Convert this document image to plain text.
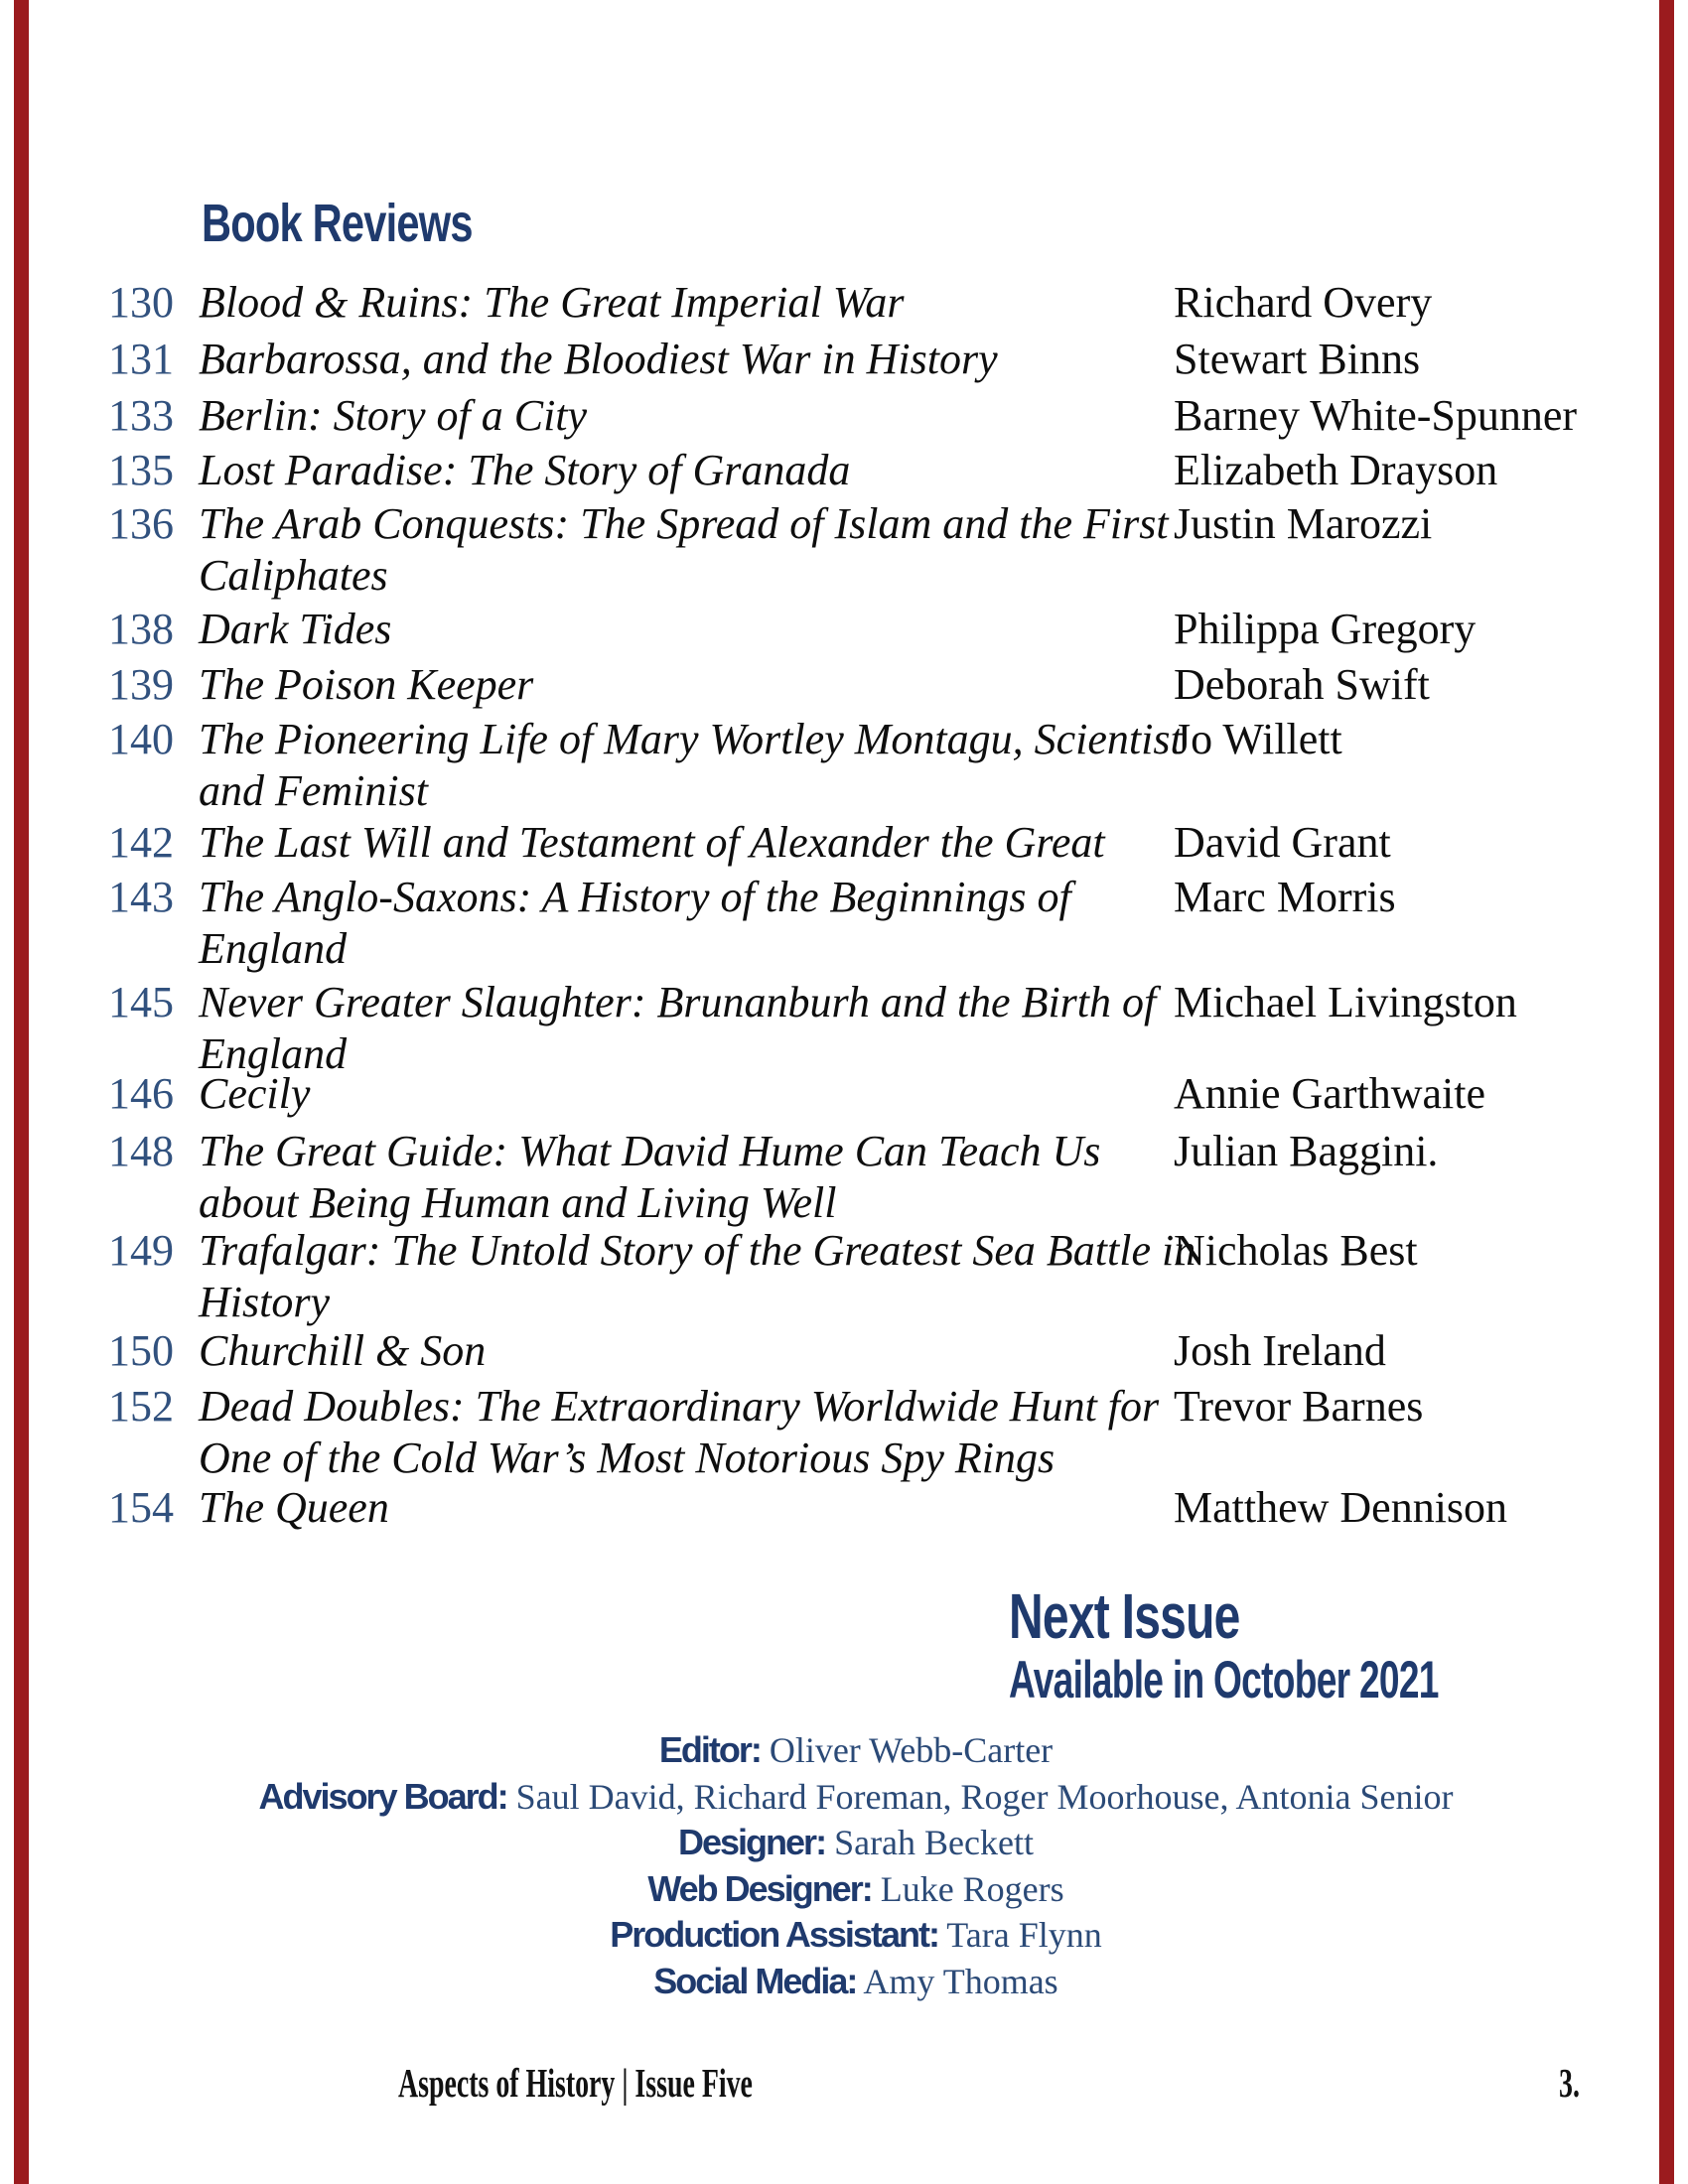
Book Reviews
130 Blood & Ruins: The Great Imperial War	Richard Overy
131 Barbarossa, and the Bloodiest War in History	Stewart Binns
133 Berlin: Story of a City	Barney White-Spunner
135 Lost Paradise: The Story of Granada	Elizabeth Drayson
136 The Arab Conquests: The Spread of Islam and the First Caliphates
Justin Marozzi
138 Dark Tides	Philippa Gregory
139 The Poison Keeper	Deborah Swift
140 The Pioneering Life of Mary Wortley Montagu, Scientist and Feminist
Jo Willett
142 The Last Will and Testament of Alexander the Great	David Grant
143 The Anglo-Saxons: A History of the Beginnings of England
Marc Morris
145 Never Greater Slaughter: Brunanburh and the Birth of England
Michael Livingston
146 Cecily	Annie Garthwaite
148 The Great Guide: What David Hume Can Teach Us about Being Human and Living Well
Julian Baggini.
149 Trafalgar: The Untold Story of the Greatest Sea Battle in History
Nicholas Best
150 Churchill & Son	Josh Ireland
152 Dead Doubles: The Extraordinary Worldwide Hunt for One of the Cold War’s Most Notorious Spy Rings
Trevor Barnes
154 The Queen	Matthew Dennison
Next Issue
Available in October 2021
Editor: Oliver Webb-Carter
Advisory Board: Saul David, Richard Foreman, Roger Moorhouse, Antonia Senior
Designer: Sarah Beckett
Web Designer: Luke Rogers
Production Assistant: Tara Flynn
Social Media: Amy Thomas
Aspects of History | Issue Five	3.
